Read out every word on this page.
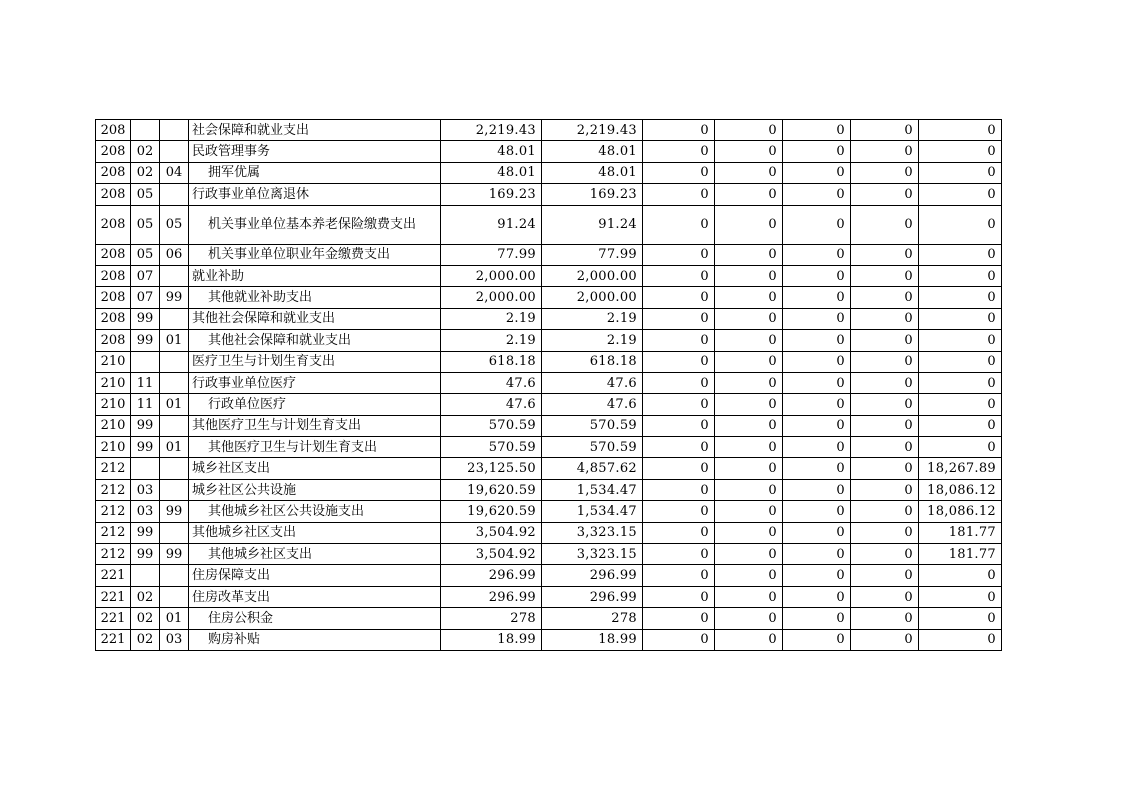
208			社会保障和就业支出	2,219.43	2,219.43	0	0	0	0	0
208	02		民政管理事务	48.01	48.01	0	0	0	0	0
208	02	04	拥军优属	48.01	48.01	0	0	0	0	0
208	05		行政事业单位离退休	169.23	169.23	0	0	0	0	0
208	05	05	机关事业单位基本养老保险缴费支出	91.24	91.24	0	0	0	0	0
208	05	06	机关事业单位职业年金缴费支出	77.99	77.99	0	0	0	0	0
208	07		就业补助	2,000.00	2,000.00	0	0	0	0	0
208	07	99	其他就业补助支出	2,000.00	2,000.00	0	0	0	0	0
208	99		其他社会保障和就业支出	2.19	2.19	0	0	0	0	0
208	99	01	其他社会保障和就业支出	2.19	2.19	0	0	0	0	0
210			医疗卫生与计划生育支出	618.18	618.18	0	0	0	0	0
210	11		行政事业单位医疗	47.6	47.6	0	0	0	0	0
210	11	01	行政单位医疗	47.6	47.6	0	0	0	0	0
210	99		其他医疗卫生与计划生育支出	570.59	570.59	0	0	0	0	0
210	99	01	其他医疗卫生与计划生育支出	570.59	570.59	0	0	0	0	0
212			城乡社区支出	23,125.50	4,857.62	0	0	0	0	18,267.89
212	03		城乡社区公共设施	19,620.59	1,534.47	0	0	0	0	18,086.12
212	03	99	其他城乡社区公共设施支出	19,620.59	1,534.47	0	0	0	0	18,086.12
212	99		其他城乡社区支出	3,504.92	3,323.15	0	0	0	0	181.77
212	99	99	其他城乡社区支出	3,504.92	3,323.15	0	0	0	0	181.77
221			住房保障支出	296.99	296.99	0	0	0	0	0
221	02		住房改革支出	296.99	296.99	0	0	0	0	0
221	02	01	住房公积金	278	278	0	0	0	0	0
221	02	03	购房补贴	18.99	18.99	0	0	0	0	0
